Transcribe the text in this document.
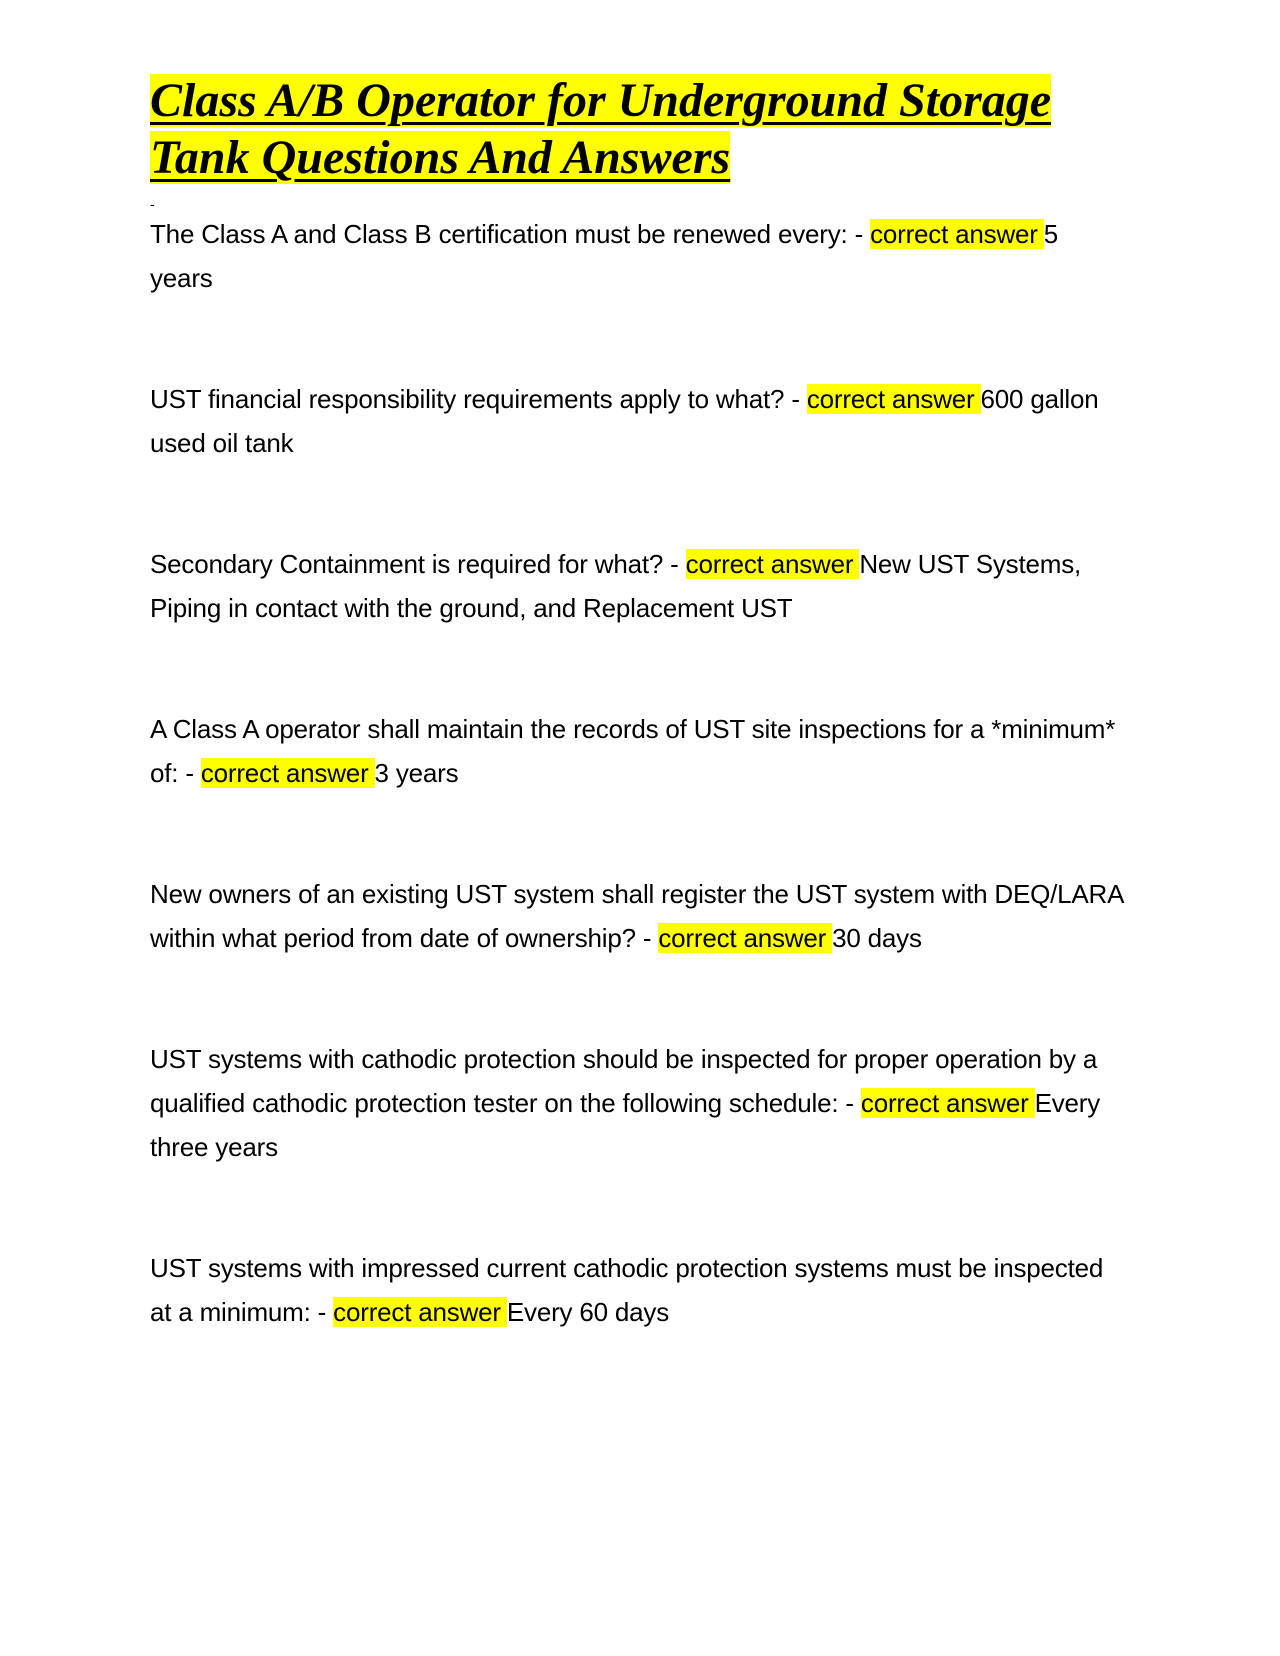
Class A/B Operator for Underground Storage Tank Questions And Answers
-

The Class A and Class B certification must be renewed every: - correct answer 5 years

UST financial responsibility requirements apply to what? - correct answer 600 gallon used oil tank

Secondary Containment is required for what? - correct answer New UST Systems, Piping in contact with the ground, and Replacement UST

A Class A operator shall maintain the records of UST site inspections for a *minimum* of: - correct answer 3 years

New owners of an existing UST system shall register the UST system with DEQ/LARA within what period from date of ownership? - correct answer 30 days

UST systems with cathodic protection should be inspected for proper operation by a qualified cathodic protection tester on the following schedule: - correct answer Every three years

UST systems with impressed current cathodic protection systems must be inspected at a minimum: - correct answer Every 60 days
